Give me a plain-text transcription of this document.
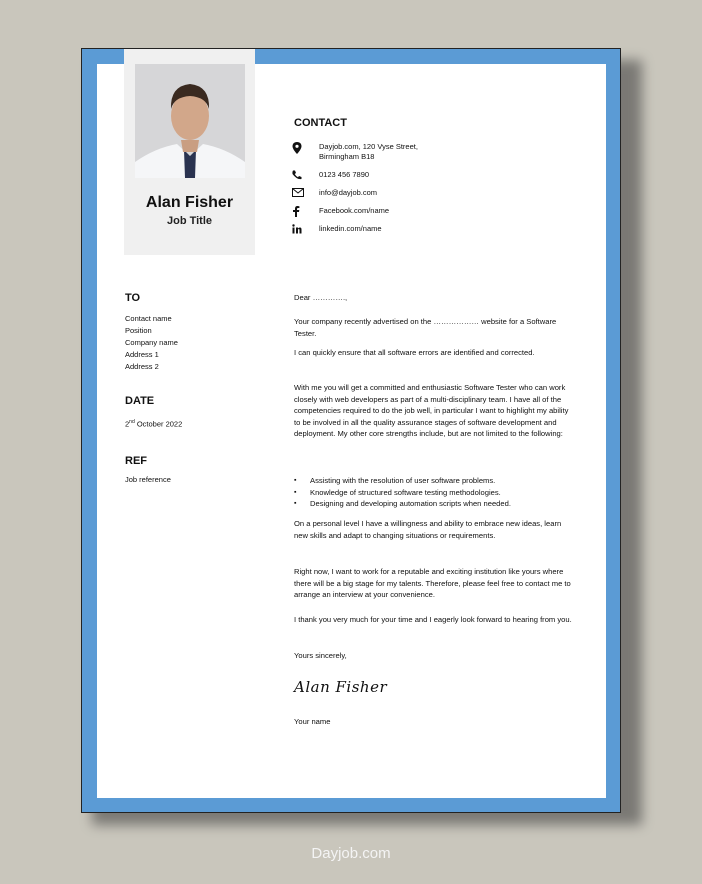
Alan Fisher
Job Title
CONTACT
Dayjob.com, 120 Vyse Street,
Birmingham B18
0123 456 7890
info@dayjob.com
Facebook.com/name
linkedin.com/name
TO
Contact name
Position
Company name
Address 1
Address 2
DATE
2nd October 2022
REF
Job reference

Dear ………….,

Your company recently advertised on the ……………… website for a Software Tester.

I can quickly ensure that all software errors are identified and corrected.

With me you will get a committed and enthusiastic Software Tester who can work closely with web developers as part of a multi-disciplinary team. I have all of the competencies required to do the job well, in particular I want to highlight my ability to be involved in all the quality assurance stages of software development and deployment. My other core strengths include, but are not limited to the following:

▪ Assisting with the resolution of user software problems.
▪ Knowledge of structured software testing methodologies.
▪ Designing and developing automation scripts when needed.

On a personal level I have a willingness and ability to embrace new ideas, learn new skills and adapt to changing situations or requirements.

Right now, I want to work for a reputable and exciting institution like yours where there will be a big stage for my talents. Therefore, please feel free to contact me to arrange an interview at your convenience.

I thank you very much for your time and I eagerly look forward to hearing from you.

Yours sincerely,

Alan Fisher

Your name

Dayjob.com
